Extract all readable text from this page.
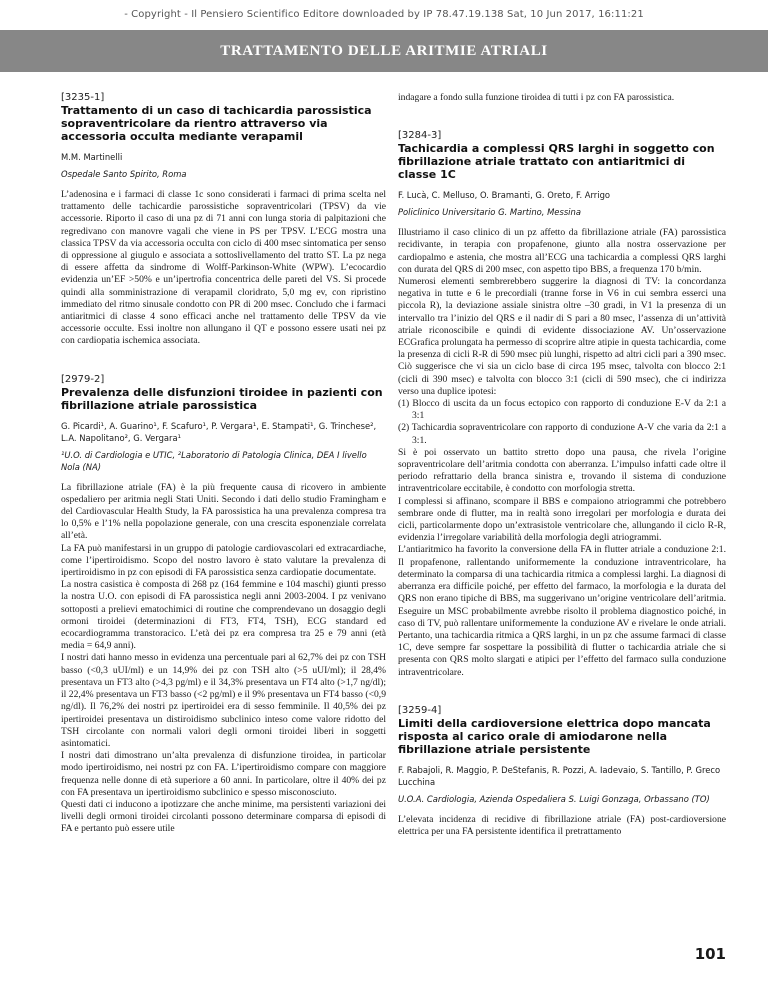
- Copyright - Il Pensiero Scientifico Editore downloaded by IP 78.47.19.138 Sat, 10 Jun 2017, 16:11:21
TRATTAMENTO DELLE ARITMIE ATRIALI
[3235-1]
Trattamento di un caso di tachicardia parossistica sopraventricolare da rientro attraverso via accessoria occulta mediante verapamil
M.M. Martinelli
Ospedale Santo Spirito, Roma

L’adenosina e i farmaci di classe 1c sono considerati i farmaci di prima scelta nel trattamento delle tachicardie parossistiche sopraventricolari (TPSV) da vie accessorie. Riporto il caso di una pz di 71 anni con lunga storia di palpitazioni che regredivano con manovre vagali che viene in PS per TPSV. L’ECG mostra una classica TPSV da via accessoria occulta con ciclo di 400 msec sintomatica per senso di oppressione al giugulo e associata a sottoslivellamento del tratto ST. La pz nega di essere affetta da sindrome di Wolff-Parkinson-White (WPW). L’ecocardio evidenzia un’EF >50% e un’ipertrofia concentrica delle pareti del VS. Si procede quindi alla somministrazione di verapamil cloridrato, 5,0 mg ev, con ripristino immediato del ritmo sinusale condotto con PR di 200 msec. Concludo che i farmaci antiaritmici di classe 4 sono efficaci anche nel trattamento delle TPSV da vie accessorie occulte. Essi inoltre non allungano il QT e possono essere usati nei pz con cardiopatia ischemica associata.

[2979-2]
Prevalenza delle disfunzioni tiroidee in pazienti con fibrillazione atriale parossistica
G. Picardi¹, A. Guarino¹, F. Scafuro¹, P. Vergara¹, E. Stampati¹, G. Trinchese², L.A. Napolitano², G. Vergara¹
¹U.O. di Cardiologia e UTIC, ²Laboratorio di Patologia Clinica, DEA I livello Nola (NA)

La fibrillazione atriale (FA) è la più frequente causa di ricovero in ambiente ospedaliero per aritmia negli Stati Uniti. Secondo i dati dello studio Framingham e del Cardiovascular Health Study, la FA parossistica ha una prevalenza compresa tra lo 0,5% e l’1% nella popolazione generale, con una crescita esponenziale correlata all’età.

La FA può manifestarsi in un gruppo di patologie cardiovascolari ed extracardiache, come l’ipertiroidismo. Scopo del nostro lavoro è stato valutare la prevalenza di ipertiroidismo in pz con episodi di FA parossistica senza cardiopatie documentate.

La nostra casistica è composta di 268 pz (164 femmine e 104 maschi) giunti presso la nostra U.O. con episodi di FA parossistica negli anni 2003-2004. I pz venivano sottoposti a prelievi ematochimici di routine che comprendevano un dosaggio degli ormoni tiroidei (determinazioni di FT3, FT4, TSH), ECG standard ed ecocardiogramma transtoracico. L’età dei pz era compresa tra 25 e 79 anni (età media = 64,9 anni).

I nostri dati hanno messo in evidenza una percentuale pari al 62,7% dei pz con TSH basso (<0,3 uUI/ml) e un 14,9% dei pz con TSH alto (>5 uUI/ml); il 28,4% presentava un FT3 alto (>4,3 pg/ml) e il 34,3% presentava un FT4 alto (>1,7 ng/dl); il 22,4% presentava un FT3 basso (<2 pg/ml) e il 9% presentava un FT4 basso (<0,9 ng/dl). Il 76,2% dei nostri pz ipertiroidei era di sesso femminile. Il 40,5% dei pz ipertiroidei presentava un distiroidismo subclinico inteso come valore ridotto del TSH circolante con normali valori degli ormoni tiroidei liberi in soggetti asintomatici.

I nostri dati dimostrano un’alta prevalenza di disfunzione tiroidea, in particolar modo ipertiroidismo, nei nostri pz con FA. L’ipertiroidismo compare con maggiore frequenza nelle donne di età superiore a 60 anni. In particolare, oltre il 40% dei pz con FA presentava un ipertiroidismo subclinico e spesso misconosciuto.

Questi dati ci inducono a ipotizzare che anche minime, ma persistenti variazioni dei livelli degli ormoni tiroidei circolanti possono determinare comparsa di episodi di FA e pertanto può essere utile

indagare a fondo sulla funzione tiroidea di tutti i pz con FA parossistica.

[3284-3]
Tachicardia a complessi QRS larghi in soggetto con fibrillazione atriale trattato con antiaritmici di classe 1C
F. Lucà, C. Melluso, O. Bramanti, G. Oreto, F. Arrigo
Policlinico Universitario G. Martino, Messina

Illustriamo il caso clinico di un pz affetto da fibrillazione atriale (FA) parossistica recidivante, in terapia con propafenone, giunto alla nostra osservazione per cardiopalmo e astenia, che mostra all’ECG una tachicardia a complessi QRS larghi con durata del QRS di 200 msec, con aspetto tipo BBS, a frequenza 170 b/min.

Numerosi elementi sembrerebbero suggerire la diagnosi di TV: la concordanza negativa in tutte e 6 le precordiali (tranne forse in V6 in cui sembra esserci una piccola R), la deviazione assiale sinistra oltre –30 gradi, in V1 la presenza di un intervallo tra l’inizio del QRS e il nadir di S pari a 80 msec, l’assenza di un’attività atriale riconoscibile e quindi di evidente dissociazione AV. Un’osservazione ECGrafica prolungata ha permesso di scoprire altre atipie in questa tachicardia, come la presenza di cicli R-R di 590 msec più lunghi, rispetto ad altri cicli pari a 390 msec. Ciò suggerisce che vi sia un ciclo base di circa 195 msec, talvolta con blocco 2:1 (cicli di 390 msec) e talvolta con blocco 3:1 (cicli di 590 msec), che ci indirizza verso una duplice ipotesi:

(1) Blocco di uscita da un focus ectopico con rapporto di conduzione E-V da 2:1 a 3:1
(2) Tachicardia sopraventricolare con rapporto di conduzione A-V che varia da 2:1 a 3:1.

Si è poi osservato un battito stretto dopo una pausa, che rivela l’origine sopraventricolare dell’aritmia condotta con aberranza. L’impulso infatti cade oltre il periodo refrattario della branca sinistra e, trovando il sistema di conduzione intraventricolare eccitabile, è condotto con morfologia stretta.

I complessi si affinano, scompare il BBS e compaiono atriogrammi che potrebbero sembrare onde di flutter, ma in realtà sono irregolari per morfologia e durata dei cicli, particolarmente dopo un’extrasistole ventricolare che, allungando il ciclo R-R, evidenzia l’irregolare variabilità della morfologia degli atriogrammi.

L’antiaritmico ha favorito la conversione della FA in flutter atriale a conduzione 2:1. Il propafenone, rallentando uniformemente la conduzione intraventricolare, ha determinato la comparsa di una tachicardia ritmica a complessi larghi. La diagnosi di aberranza era difficile poiché, per effetto del farmaco, la morfologia e la durata del QRS non erano tipiche di BBS, ma suggerivano un’origine ventricolare dell’aritmia. Eseguire un MSC probabilmente avrebbe risolto il problema diagnostico poiché, in caso di TV, può rallentare uniformemente la conduzione AV e rivelare le onde atriali. Pertanto, una tachicardia ritmica a QRS larghi, in un pz che assume farmaci di classe 1C, deve sempre far sospettare la possibilità di flutter o tachicardia atriale che si presenta con QRS molto slargati e atipici per l’effetto del farmaco sulla conduzione intraventricolare.

[3259-4]
Limiti della cardioversione elettrica dopo mancata risposta al carico orale di amiodarone nella fibrillazione atriale persistente
F. Rabajoli, R. Maggio, P. DeStefanis, R. Pozzi, A. Iadevaio, S. Tantillo, P. Greco Lucchina
U.O.A. Cardiologia, Azienda Ospedaliera S. Luigi Gonzaga, Orbassano (TO)

L’elevata incidenza di recidive di fibrillazione atriale (FA) post-cardioversione elettrica per una FA persistente identifica il pretrattamento

101
